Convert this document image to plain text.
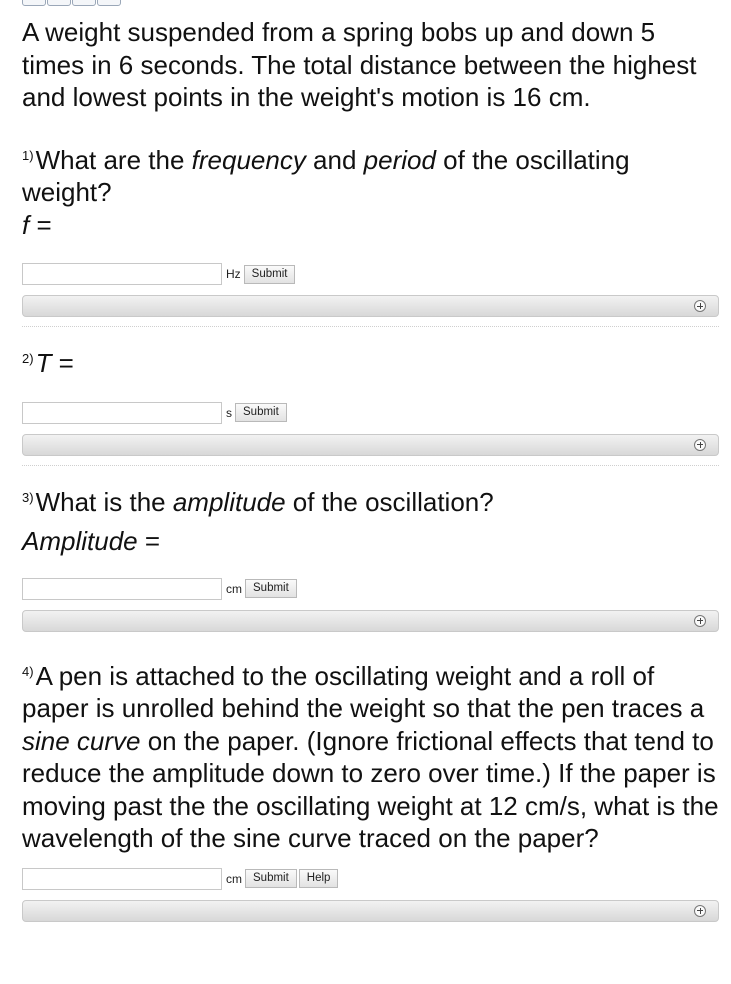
A weight suspended from a spring bobs up and down 5 times in 6 seconds. The total distance between the highest and lowest points in the weight's motion is 16 cm.

$^{1)}$What are the frequency and period of the oscillating weight?

f =

Hz Submit

$^{2)}$T =

s Submit

$^{3)}$What is the amplitude of the oscillation?

Amplitude =

cm Submit

$^{4)}$A pen is attached to the oscillating weight and a roll of paper is unrolled behind the weight so that the pen traces a sine curve on the paper. (Ignore frictional effects that tend to reduce the amplitude down to zero over time.) If the paper is moving past the the oscillating weight at 12 cm/s, what is the wavelength of the sine curve traced on the paper?

cm Submit	Help
